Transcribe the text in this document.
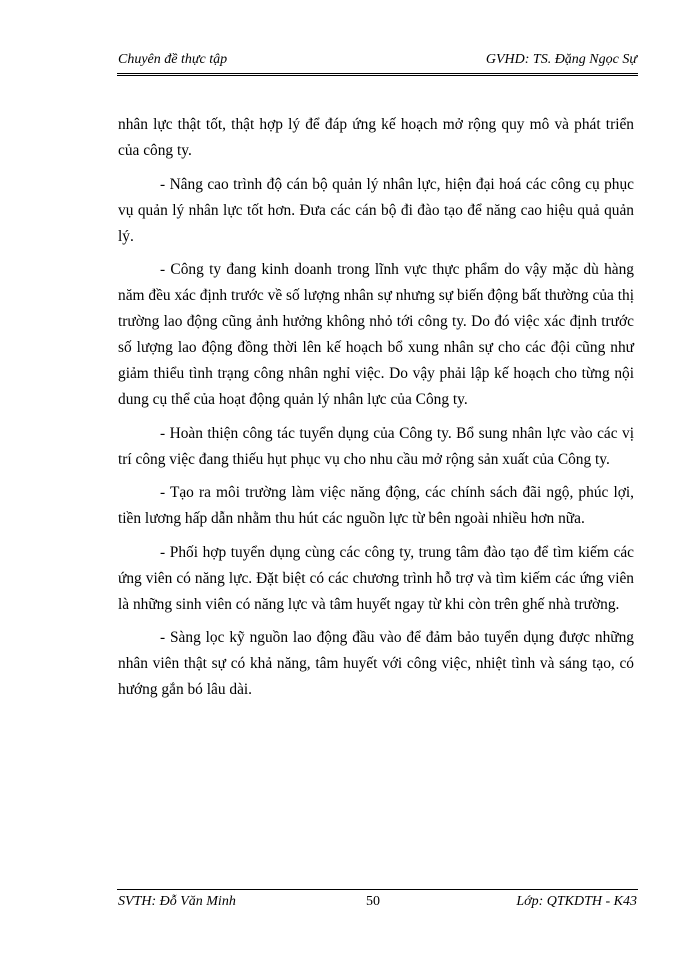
Chuyên đề thực tập	GVHD: TS. Đặng Ngọc Sự

nhân lực thật tốt, thật hợp lý để đáp ứng kế hoạch mở rộng quy mô và phát triển của công ty.

- Nâng cao trình độ cán bộ quản lý nhân lực, hiện đại hoá các công cụ phục vụ quản lý nhân lực tốt hơn. Đưa các cán bộ đi đào tạo để năng cao hiệu quả quản lý.

- Công ty đang kinh doanh trong lĩnh vực thực phẩm do vậy mặc dù hàng năm đều xác định trước về số lượng nhân sự nhưng sự biến động bất thường của thị trường lao động cũng ảnh hưởng không nhỏ tới công ty. Do đó việc xác định trước số lượng lao động đồng thời lên kế hoạch bổ xung nhân sự cho các đội cũng như giảm thiểu tình trạng công nhân nghỉ việc. Do vậy phải lập kế hoạch cho từng nội dung cụ thể của hoạt động quản lý nhân lực của Công ty.

- Hoàn thiện công tác tuyển dụng của Công ty. Bổ sung nhân lực vào các vị trí công việc đang thiếu hụt phục vụ cho nhu cầu mở rộng sản xuất của Công ty.

- Tạo ra môi trường làm việc năng động, các chính sách đãi ngộ, phúc lợi, tiền lương hấp dẫn nhằm thu hút các nguồn lực từ bên ngoài nhiều hơn nữa.

- Phối hợp tuyển dụng cùng các công ty, trung tâm đào tạo để tìm kiếm các ứng viên có năng lực. Đặt biệt có các chương trình hỗ trợ và tìm kiếm các ứng viên là những sinh viên có năng lực và tâm huyết ngay từ khi còn trên ghế nhà trường.

- Sàng lọc kỹ nguồn lao động đầu vào để đảm bảo tuyển dụng được những nhân viên thật sự có khả năng, tâm huyết với công việc, nhiệt tình và sáng tạo, có hướng gắn bó lâu dài.

SVTH: Đỗ Văn Minh	50	Lớp: QTKDTH - K43
